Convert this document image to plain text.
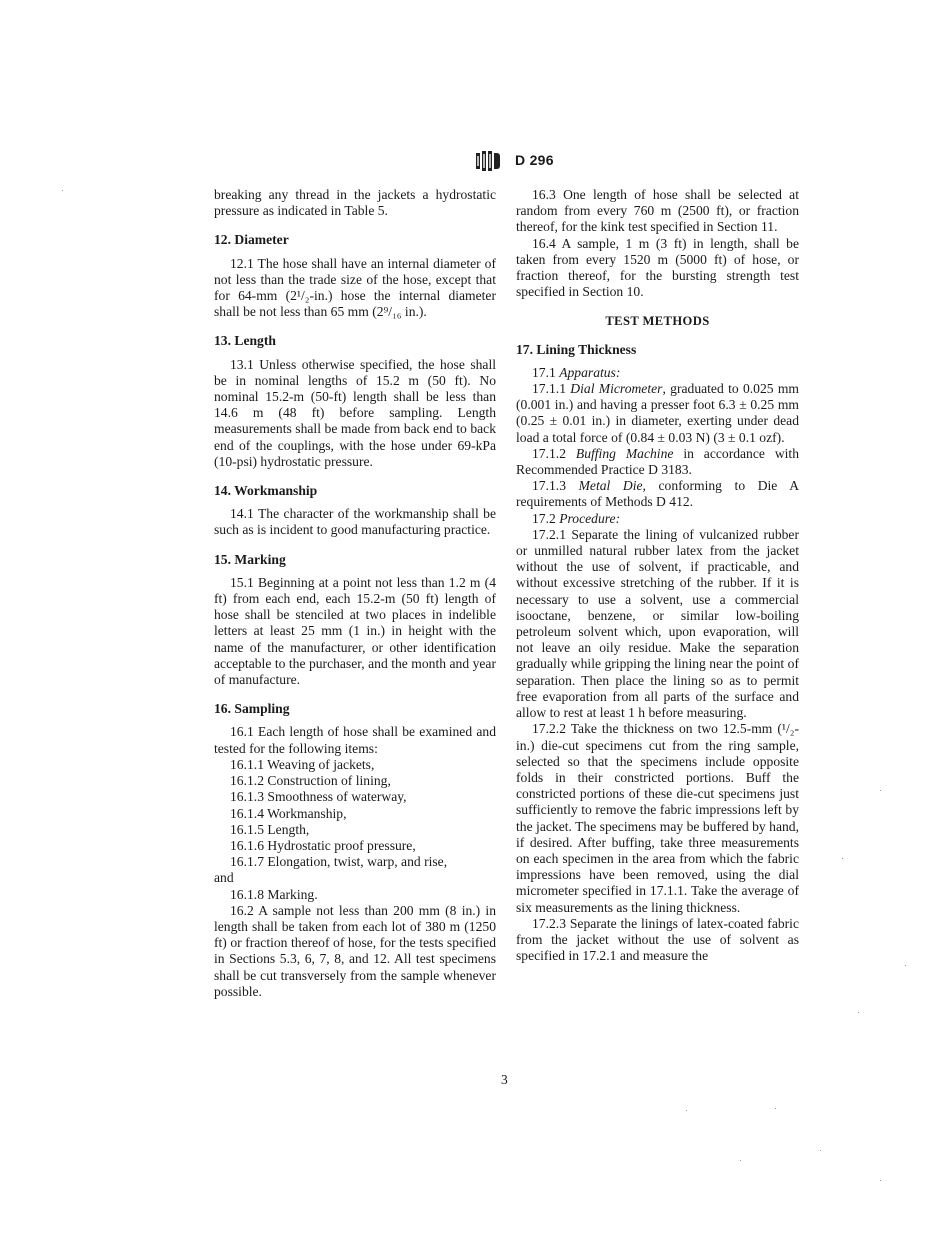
D 296

breaking any thread in the jackets a hydrostatic pressure as indicated in Table 5.

12. Diameter

12.1 The hose shall have an internal diameter of not less than the trade size of the hose, except that for 64-mm (2¹/₂-in.) hose the internal diameter shall be not less than 65 mm (2⁹/₁₆ in.).

13. Length

13.1 Unless otherwise specified, the hose shall be in nominal lengths of 15.2 m (50 ft). No nominal 15.2-m (50-ft) length shall be less than 14.6 m (48 ft) before sampling. Length measurements shall be made from back end to back end of the couplings, with the hose under 69-kPa (10-psi) hydrostatic pressure.

14. Workmanship

14.1 The character of the workmanship shall be such as is incident to good manufacturing practice.

15. Marking

15.1 Beginning at a point not less than 1.2 m (4 ft) from each end, each 15.2-m (50 ft) length of hose shall be stenciled at two places in indelible letters at least 25 mm (1 in.) in height with the name of the manufacturer, or other identification acceptable to the purchaser, and the month and year of manufacture.

16. Sampling

16.1 Each length of hose shall be examined and tested for the following items:

16.1.1 Weaving of jackets,

16.1.2 Construction of lining,

16.1.3 Smoothness of waterway,

16.1.4 Workmanship,

16.1.5 Length,

16.1.6 Hydrostatic proof pressure,

16.1.7 Elongation, twist, warp, and rise,

and

16.1.8 Marking.

16.2 A sample not less than 200 mm (8 in.) in length shall be taken from each lot of 380 m (1250 ft) or fraction thereof of hose, for the tests specified in Sections 5.3, 6, 7, 8, and 12. All test specimens shall be cut transversely from the sample whenever possible.

16.3 One length of hose shall be selected at random from every 760 m (2500 ft), or fraction thereof, for the kink test specified in Section 11.

16.4 A sample, 1 m (3 ft) in length, shall be taken from every 1520 m (5000 ft) of hose, or fraction thereof, for the bursting strength test specified in Section 10.

TEST METHODS

17. Lining Thickness

17.1 Apparatus:

17.1.1 Dial Micrometer, graduated to 0.025 mm (0.001 in.) and having a presser foot 6.3 ± 0.25 mm (0.25 ± 0.01 in.) in diameter, exerting under dead load a total force of (0.84 ± 0.03 N) (3 ± 0.1 ozf).

17.1.2 Buffing Machine in accordance with Recommended Practice D 3183.

17.1.3 Metal Die, conforming to Die A requirements of Methods D 412.

17.2 Procedure:

17.2.1 Separate the lining of vulcanized rubber or unmilled natural rubber latex from the jacket without the use of solvent, if practicable, and without excessive stretching of the rubber. If it is necessary to use a solvent, use a commercial isooctane, benzene, or similar low-boiling petroleum solvent which, upon evaporation, will not leave an oily residue. Make the separation gradually while gripping the lining near the point of separation. Then place the lining so as to permit free evaporation from all parts of the surface and allow to rest at least 1 h before measuring.

17.2.2 Take the thickness on two 12.5-mm (¹/₂-in.) die-cut specimens cut from the ring sample, selected so that the specimens include opposite folds in their constricted portions. Buff the constricted portions of these die-cut specimens just sufficiently to remove the fabric impressions left by the jacket. The specimens may be buffered by hand, if desired. After buffing, take three measurements on each specimen in the area from which the fabric impressions have been removed, using the dial micrometer specified in 17.1.1. Take the average of six measurements as the lining thickness.

17.2.3 Separate the linings of latex-coated fabric from the jacket without the use of solvent as specified in 17.2.1 and measure the

3
